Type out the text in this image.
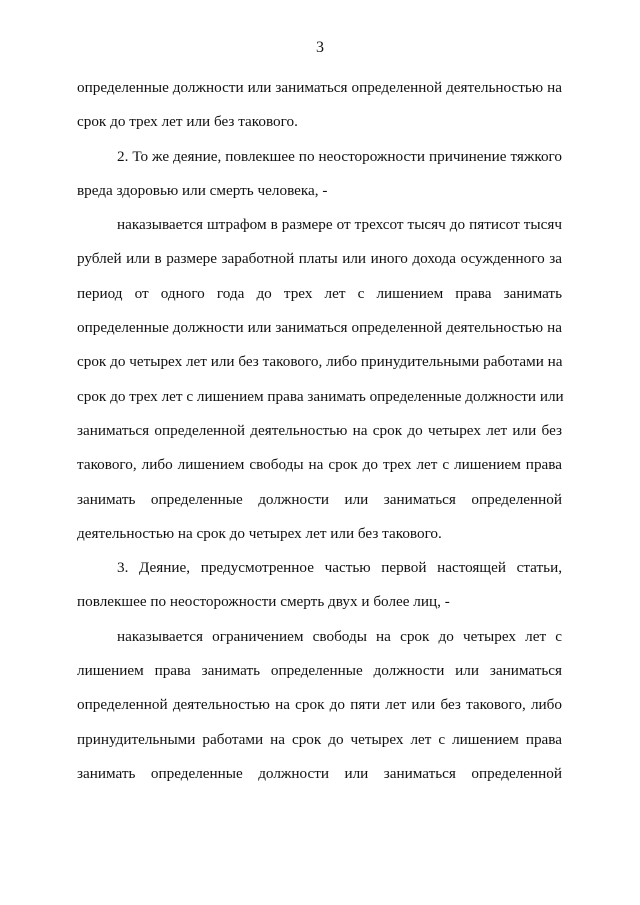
3
определенные должности или заниматься определенной деятельностью на
срок до трех лет или без такового.
2. То же деяние, повлекшее по неосторожности причинение тяжкого
вреда здоровью или смерть человека, -
наказывается штрафом в размере от трехсот тысяч до пятисот тысяч
рублей или в размере заработной платы или иного дохода осужденного за
период от одного года до трех лет с лишением права занимать
определенные должности или заниматься определенной деятельностью на
срок до четырех лет или без такового, либо принудительными работами на
срок до трех лет с лишением права занимать определенные должности или
заниматься определенной деятельностью на срок до четырех лет или без
такового, либо лишением свободы на срок до трех лет с лишением права
занимать определенные должности или заниматься определенной
деятельностью на срок до четырех лет или без такового.
3. Деяние, предусмотренное частью первой настоящей статьи,
повлекшее по неосторожности смерть двух и более лиц, -
наказывается ограничением свободы на срок до четырех лет с
лишением права занимать определенные должности или заниматься
определенной деятельностью на срок до пяти лет или без такового, либо
принудительными работами на срок до четырех лет с лишением права
занимать определенные должности или заниматься определенной
